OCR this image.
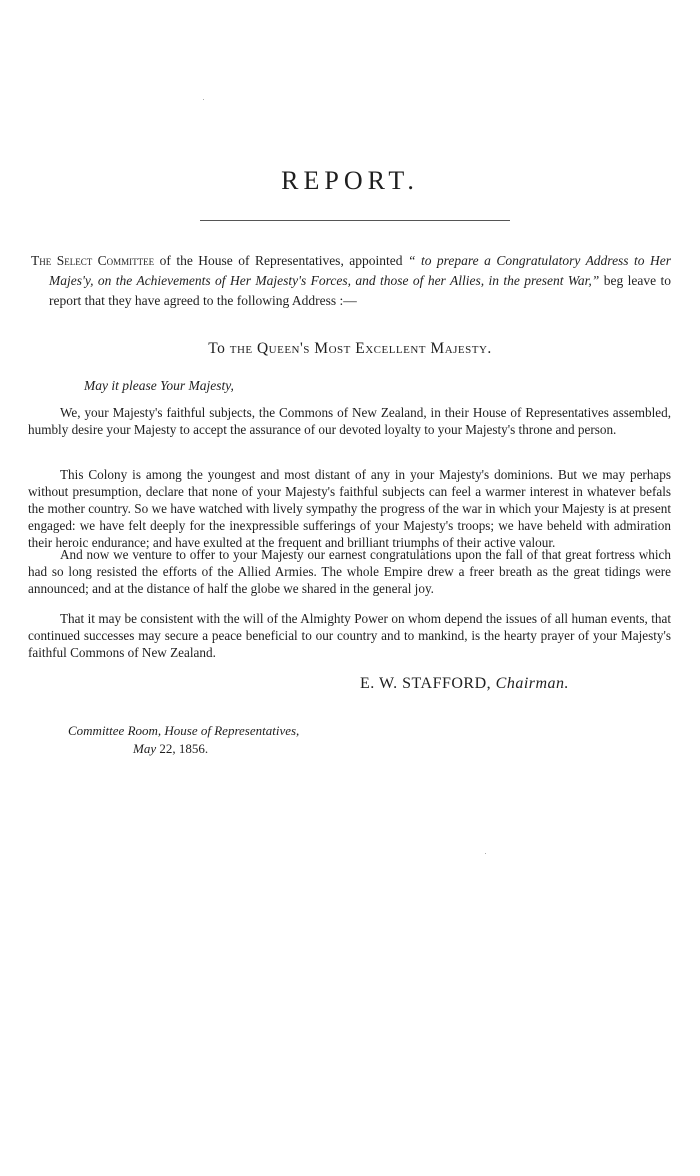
REPORT.
The Select Committee of the House of Representatives, appointed “ to prepare a Congratulatory Address to Her Majes'y, on the Achievements of Her Majesty's Forces, and those of her Allies, in the present War,” beg leave to report that they have agreed to the following Address :—
To the Queen's Most Excellent Majesty.
May it please Your Majesty,

We, your Majesty's faithful subjects, the Commons of New Zealand, in their House of Representatives assembled, humbly desire your Majesty to accept the assurance of our devoted loyalty to your Majesty's throne and person.

This Colony is among the youngest and most distant of any in your Majesty's dominions. But we may perhaps without presumption, declare that none of your Majesty's faithful subjects can feel a warmer interest in whatever befals the mother country. So we have watched with lively sympathy the progress of the war in which your Majesty is at present engaged: we have felt deeply for the inexpressible sufferings of your Majesty's troops; we have beheld with admiration their heroic endurance; and have exulted at the frequent and brilliant triumphs of their active valour.

And now we venture to offer to your Majesty our earnest congratulations upon the fall of that great fortress which had so long resisted the efforts of the Allied Armies. The whole Empire drew a freer breath as the great tidings were announced; and at the distance of half the globe we shared in the general joy.

That it may be consistent with the will of the Almighty Power on whom depend the issues of all human events, that continued successes may secure a peace beneficial to our country and to mankind, is the hearty prayer of your Majesty's faithful Commons of New Zealand.

E. W. STAFFORD, Chairman.
Committee Room, House of Representatives,
May 22, 1856.
